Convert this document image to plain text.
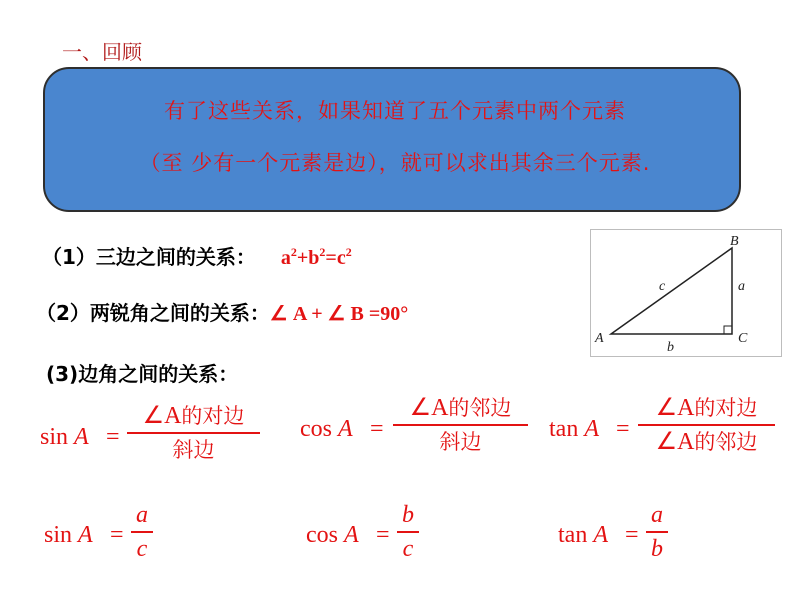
一、回顾
有了这些关系，如果知道了五个元素中两个元素
（至 少有一个元素是边），就可以求出其余三个元素.
（1）三边之间的关系： $a^2+b^2=c^2$
（2）两锐角之间的关系：∠ A + ∠ B =90°
(3)边角之间的关系：
A
B
C
a
b
c
sin A =
∠A的对边
斜边
cos A =
∠A的邻边
斜边	tan A =
∠A的对边
∠A的邻边
sin A =
a
c
cos A =
b
c
tan A =
a
b
